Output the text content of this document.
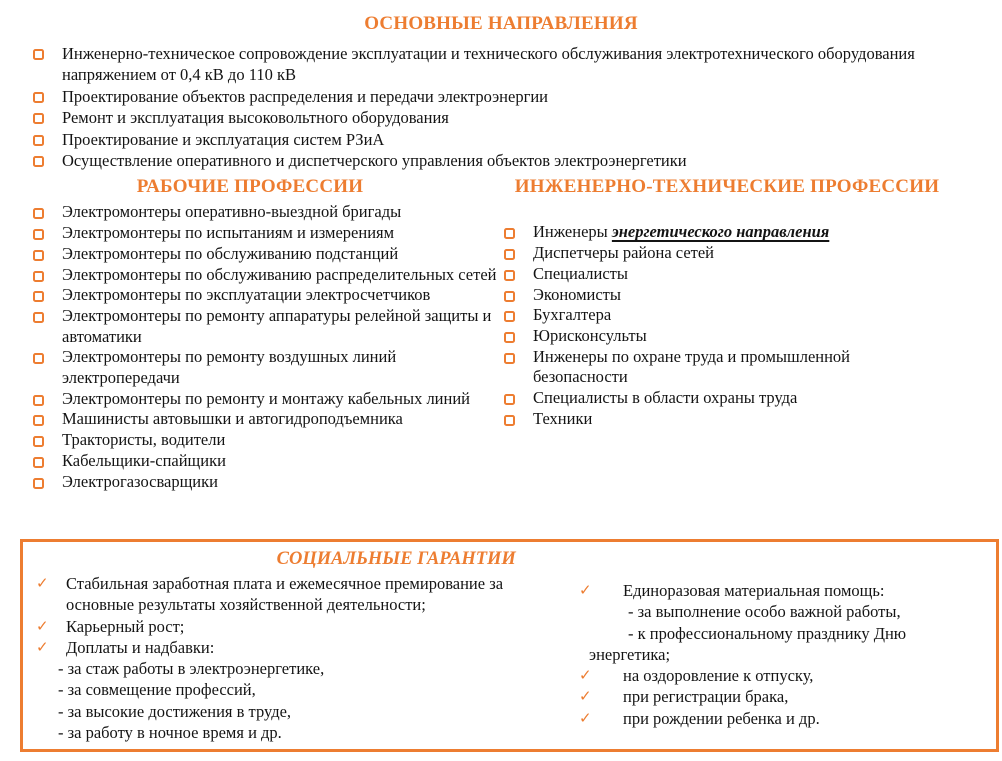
ОСНОВНЫЕ НАПРАВЛЕНИЯ
Инженерно-техническое сопровождение эксплуатации и технического обслуживания электротехнического оборудования напряжением от 0,4 кВ до 110 кВ
Проектирование объектов распределения и передачи электроэнергии
Ремонт и эксплуатация высоковольтного оборудования
Проектирование и эксплуатация систем РЗиА
Осуществление оперативного и диспетчерского управления объектов электроэнергетики
РАБОЧИЕ ПРОФЕССИИ
Электромонтеры оперативно-выездной бригады
Электромонтеры по испытаниям и измерениям
Электромонтеры по обслуживанию подстанций
Электромонтеры по обслуживанию распределительных сетей
Электромонтеры по эксплуатации электросчетчиков
Электромонтеры по ремонту аппаратуры релейной защиты и автоматики
Электромонтеры по ремонту воздушных линий электропередачи
Электромонтеры по ремонту и монтажу кабельных линий
Машинисты автовышки и автогидроподъемника
Трактористы, водители
Кабельщики-спайщики
Электрогазосварщики
ИНЖЕНЕРНО-ТЕХНИЧЕСКИЕ ПРОФЕССИИ
Инженеры энергетического направления
Диспетчеры района сетей
Специалисты
Экономисты
Бухгалтера
Юрисконсульты
Инженеры по охране труда и промышленной безопасности
Специалисты в области охраны труда
Техники
СОЦИАЛЬНЫЕ ГАРАНТИИ
✓	Стабильная заработная плата и ежемесячное премирование за основные результаты хозяйственной деятельности;
✓	Карьерный рост;
✓	Доплаты и надбавки:
- за стаж работы в электроэнергетике,
- за совмещение профессий,
- за высокие достижения в труде,
- за работу в ночное время и др.
✓	Единоразовая материальная помощь:
- за выполнение особо важной работы,
- к профессиональному празднику Дню энергетика;
✓	на оздоровление к отпуску,
✓	при регистрации брака,
✓	при рождении ребенка и др.
